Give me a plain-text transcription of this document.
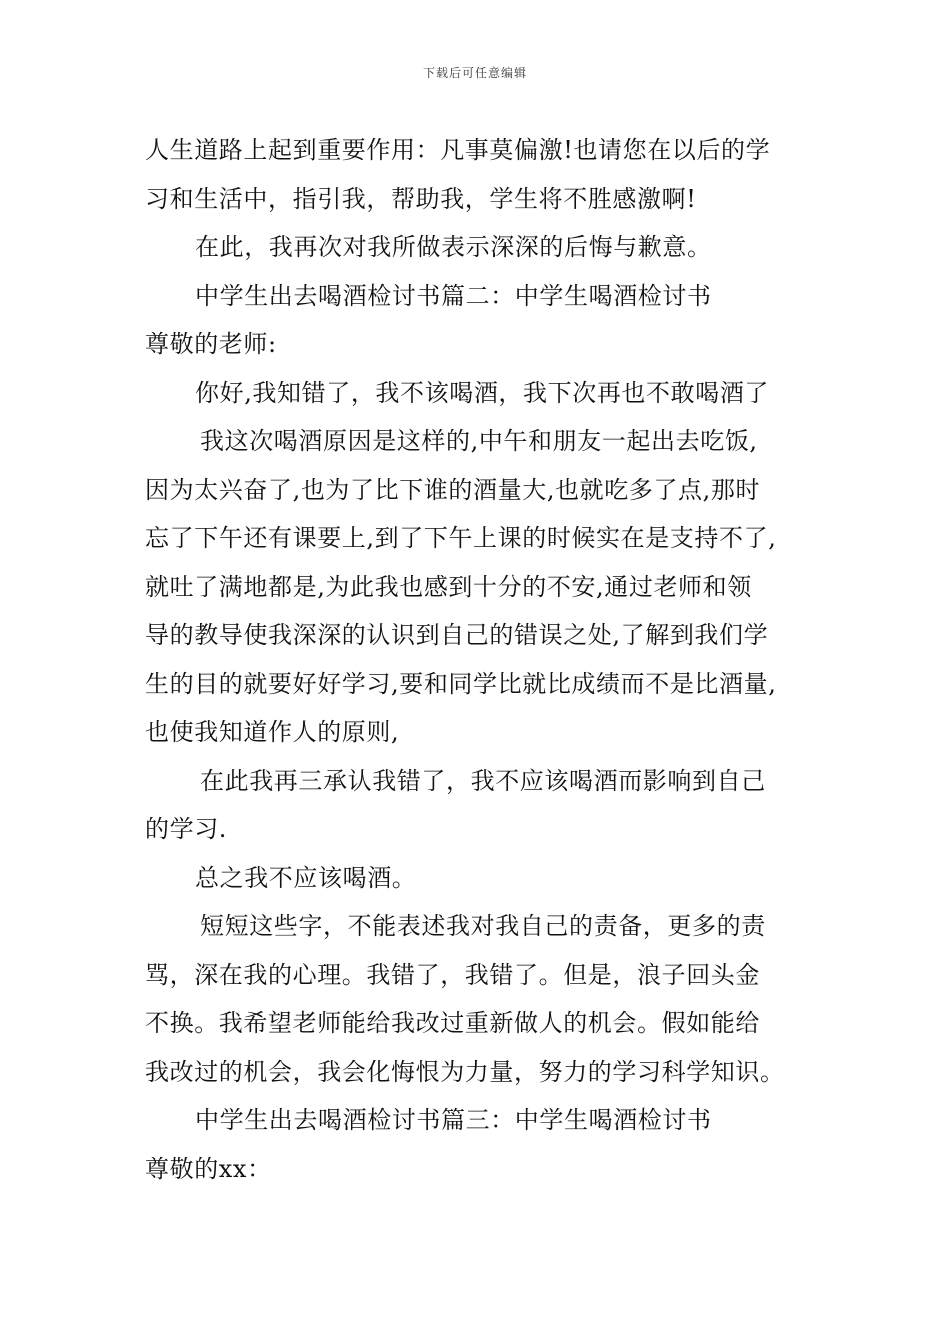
下载后可任意编辑
人生道路上起到重要作用：凡事莫偏激!也请您在以后的学
习和生活中，指引我，帮助我，学生将不胜感激啊!
在此，我再次对我所做表示深深的后悔与歉意。
中学生出去喝酒检讨书篇二：中学生喝酒检讨书
尊敬的老师:
你好,我知错了，我不该喝酒，我下次再也不敢喝酒了
我这次喝酒原因是这样的,中午和朋友一起出去吃饭,
因为太兴奋了,也为了比下谁的酒量大,也就吃多了点,那时
忘了下午还有课要上,到了下午上课的时候实在是支持不了,
就吐了满地都是,为此我也感到十分的不安,通过老师和领
导的教导使我深深的认识到自己的错误之处,了解到我们学
生的目的就要好好学习,要和同学比就比成绩而不是比酒量,
也使我知道作人的原则,
在此我再三承认我错了，我不应该喝酒而影响到自己
的学习.
总之我不应该喝酒。
短短这些字，不能表述我对我自己的责备，更多的责
骂，深在我的心理。我错了，我错了。但是，浪子回头金
不换。我希望老师能给我改过重新做人的机会。假如能给
我改过的机会，我会化悔恨为力量，努力的学习科学知识。
中学生出去喝酒检讨书篇三：中学生喝酒检讨书
尊敬的xx：
